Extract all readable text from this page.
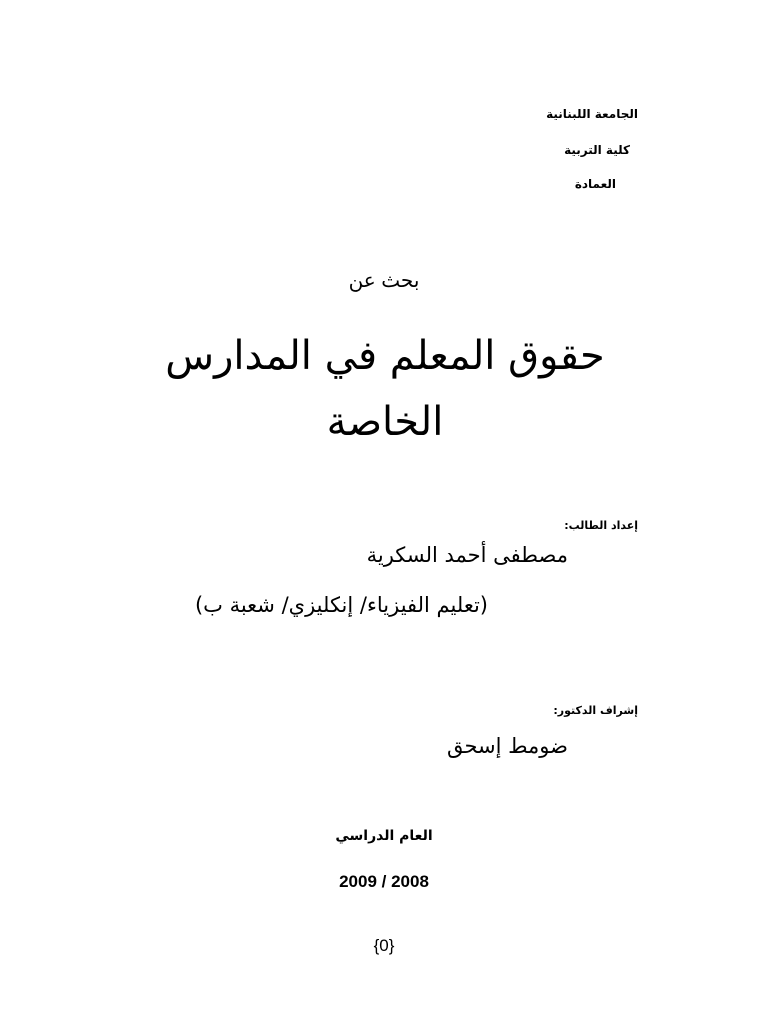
الجامعة اللبنانية
كلية التربية
العمادة
بحث عن
حقوق المعلم في المدارس
الخاصة
إعداد الطالب:
مصطفى أحمد السكرية
(تعليم الفيزياء/ إنكليزي/ شعبة ب)
إشراف الدكتور:
ضومط إسحق
العام الدراسي
2009 / 2008
{0}
